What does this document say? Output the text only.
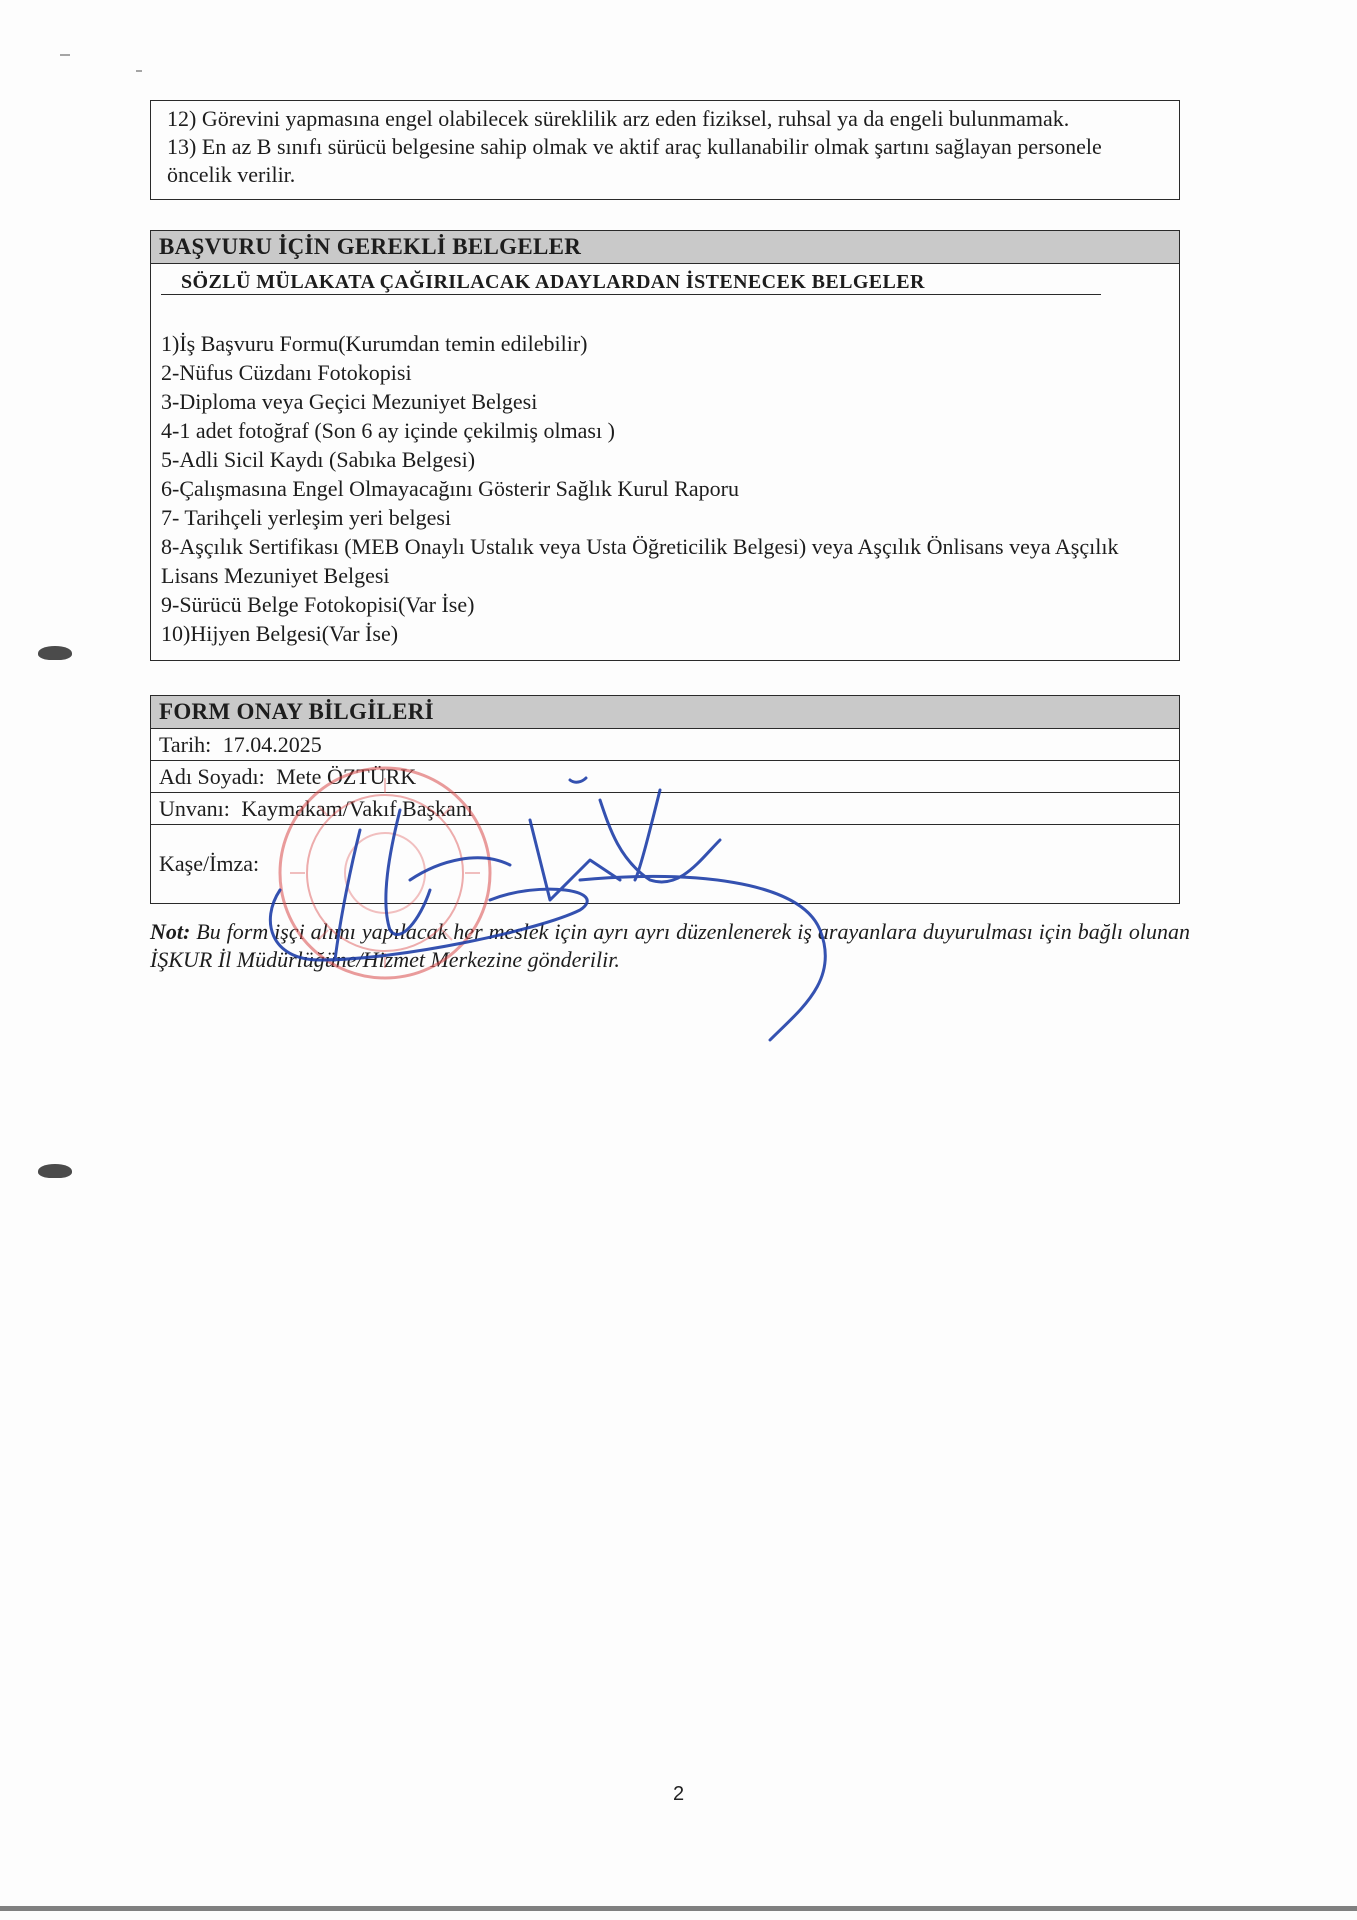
12) Görevini yapmasına engel olabilecek süreklilik arz eden fiziksel, ruhsal ya da engeli bulunmamak.

13) En az B sınıfı sürücü belgesine sahip olmak ve aktif araç kullanabilir olmak şartını sağlayan personele öncelik verilir.

BAŞVURU İÇİN GEREKLİ BELGELER
SÖZLÜ MÜLAKATA ÇAĞIRILACAK ADAYLARDAN İSTENECEK BELGELER
1)İş Başvuru Formu(Kurumdan temin edilebilir)
2-Nüfus Cüzdanı Fotokopisi
3-Diploma veya Geçici Mezuniyet Belgesi
4-1 adet fotoğraf (Son 6 ay içinde çekilmiş olması )
5-Adli Sicil Kaydı (Sabıka Belgesi)
6-Çalışmasına Engel Olmayacağını Gösterir Sağlık Kurul Raporu
7- Tarihçeli yerleşim yeri belgesi
8-Aşçılık Sertifikası (MEB Onaylı Ustalık veya Usta Öğreticilik Belgesi) veya Aşçılık Önlisans veya Aşçılık Lisans Mezuniyet Belgesi
9-Sürücü Belge Fotokopisi(Var İse)
10)Hijyen Belgesi(Var İse)
FORM ONAY BİLGİLERİ
Tarih: 17.04.2025
Adı Soyadı: Mete ÖZTÜRK
Unvanı: Kaymakam/Vakıf Başkanı
Kaşe/İmza:
Not: Bu form işçi alımı yapılacak her meslek için ayrı ayrı düzenlenerek iş arayanlara duyurulması için bağlı olunan İŞKUR İl Müdürlüğüne/Hizmet Merkezine gönderilir.
2
